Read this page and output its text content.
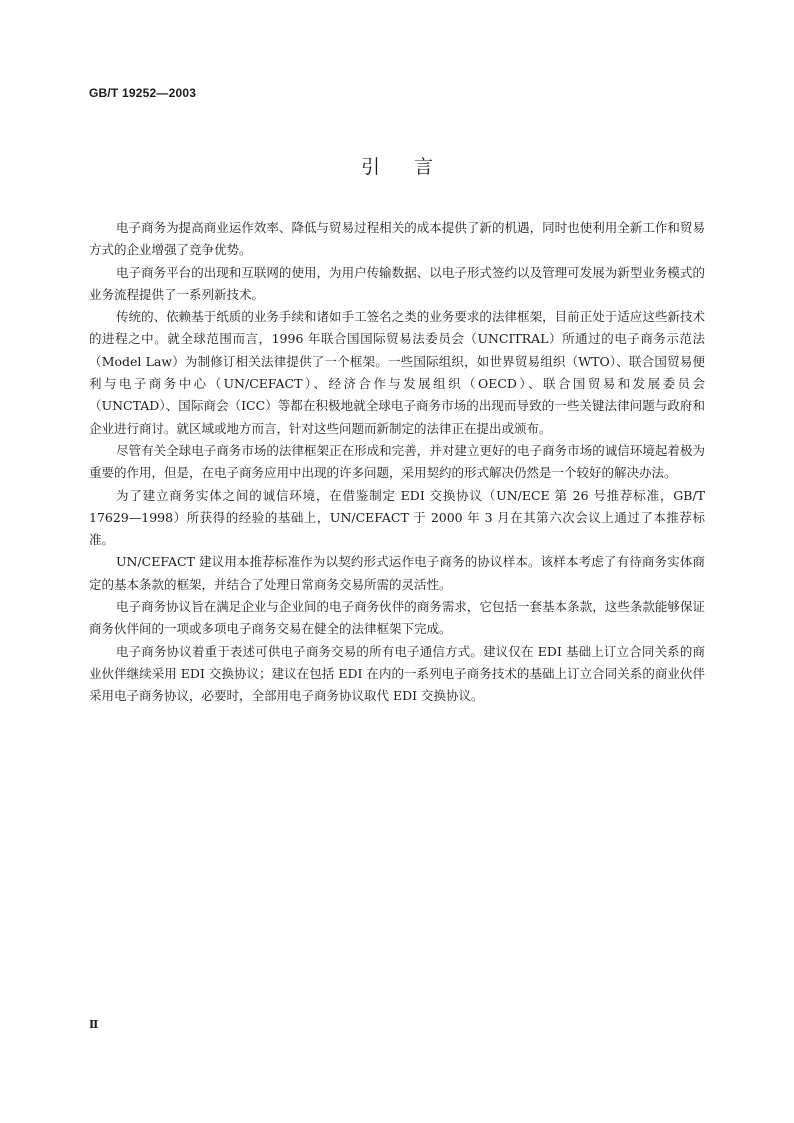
GB/T 19252—2003
引言

电子商务为提高商业运作效率、降低与贸易过程相关的成本提供了新的机遇，同时也使利用全新工作和贸易方式的企业增强了竞争优势。

电子商务平台的出现和互联网的使用，为用户传输数据、以电子形式签约以及管理可发展为新型业务模式的业务流程提供了一系列新技术。

传统的、依赖基于纸质的业务手续和诸如手工签名之类的业务要求的法律框架，目前正处于适应这些新技术的进程之中。就全球范围而言，1996 年联合国国际贸易法委员会（UNCITRAL）所通过的电子商务示范法（Model Law）为制修订相关法律提供了一个框架。一些国际组织，如世界贸易组织（WTO）、联合国贸易便利与电子商务中心（UN/CEFACT）、经济合作与发展组织（OECD）、联合国贸易和发展委员会（UNCTAD）、国际商会（ICC）等都在积极地就全球电子商务市场的出现而导致的一些关键法律问题与政府和企业进行商讨。就区域或地方而言，针对这些问题而新制定的法律正在提出或颁布。

尽管有关全球电子商务市场的法律框架正在形成和完善，并对建立更好的电子商务市场的诚信环境起着极为重要的作用，但是，在电子商务应用中出现的许多问题，采用契约的形式解决仍然是一个较好的解决办法。

为了建立商务实体之间的诚信环境，在借鉴制定 EDI 交换协议（UN/ECE 第 26 号推荐标准，GB/T 17629—1998）所获得的经验的基础上，UN/CEFACT 于 2000 年 3 月在其第六次会议上通过了本推荐标准。

UN/CEFACT 建议用本推荐标准作为以契约形式运作电子商务的协议样本。该样本考虑了有待商务实体商定的基本条款的框架，并结合了处理日常商务交易所需的灵活性。

电子商务协议旨在满足企业与企业间的电子商务伙伴的商务需求，它包括一套基本条款，这些条款能够保证商务伙伴间的一项或多项电子商务交易在健全的法律框架下完成。

电子商务协议着重于表述可供电子商务交易的所有电子通信方式。建议仅在 EDI 基础上订立合同关系的商业伙伴继续采用 EDI 交换协议；建议在包括 EDI 在内的一系列电子商务技术的基础上订立合同关系的商业伙伴采用电子商务协议，必要时，全部用电子商务协议取代 EDI 交换协议。

Ⅱ
